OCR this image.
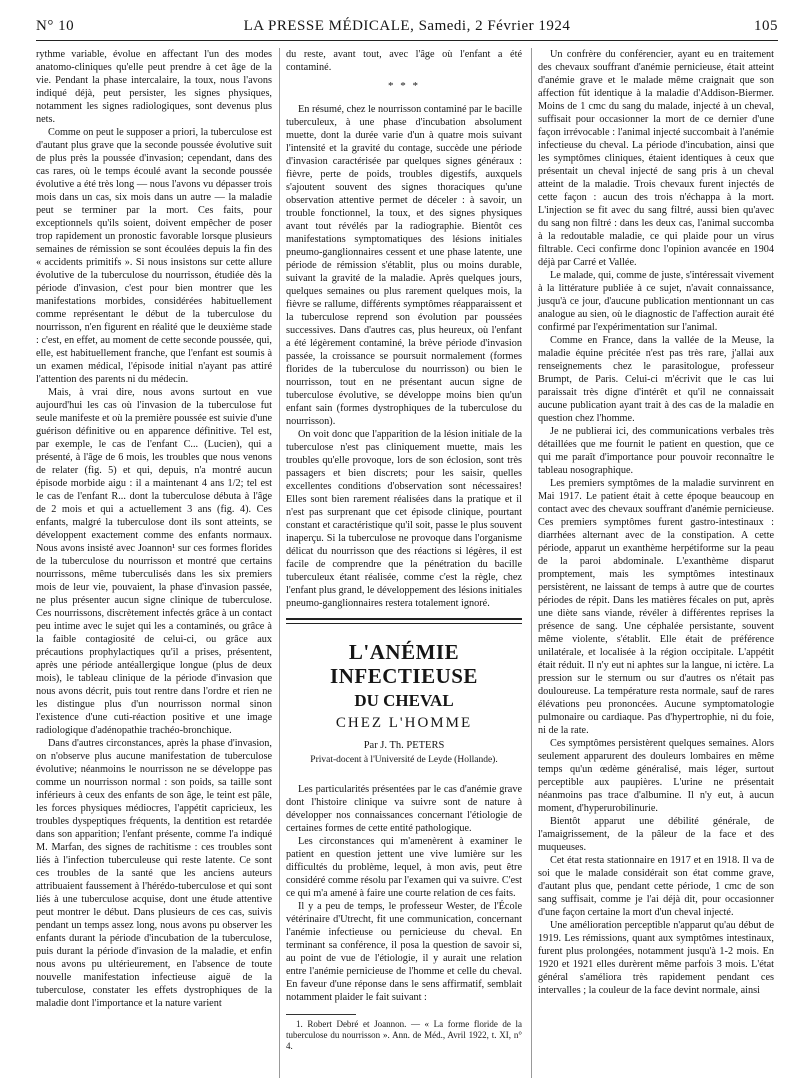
N° 10	LA PRESSE MÉDICALE, Samedi, 2 Février 1924	105

rythme variable, évolue en affectant l'un des modes anatomo-cliniques qu'elle peut prendre à cet âge de la vie. Pendant la phase intercalaire, la toux, nous l'avons indiqué déjà, peut persister, les signes physiques, notamment les signes radiologiques, sont devenus plus nets.

Comme on peut le supposer a priori, la tuberculose est d'autant plus grave que la seconde poussée évolutive suit de plus près la poussée d'invasion; cependant, dans des cas rares, où le temps écoulé avant la seconde poussée évolutive a été très long — nous l'avons vu dépasser trois mois dans un cas, six mois dans un autre — la maladie peut se terminer par la mort. Ces faits, pour exceptionnels qu'ils soient, doivent empêcher de poser trop rapidement un pronostic favorable lorsque plusieurs semaines de rémission se sont écoulées depuis la fin des « accidents primitifs ». Si nous insistons sur cette allure évolutive de la tuberculose du nourrisson, étudiée dès la période d'invasion, c'est pour bien montrer que les manifestations morbides, considérées habituellement comme représentant le début de la tuberculose du nourrisson, n'en figurent en réalité que le deuxième stade : c'est, en effet, au moment de cette seconde poussée, qui, elle, est habituellement franche, que l'enfant est soumis à un examen médical, l'épisode initial n'ayant pas attiré l'attention des parents ni du médecin.

Mais, à vrai dire, nous avons surtout en vue aujourd'hui les cas où l'invasion de la tuberculose fut seule manifeste et où la première poussée est suivie d'une guérison définitive ou en apparence définitive. Tel est, par exemple, le cas de l'enfant C... (Lucien), qui a présenté, à l'âge de 6 mois, les troubles que nous venons de relater (fig. 5) et qui, depuis, n'a montré aucun épisode morbide aigu : il a maintenant 4 ans 1/2; tel est le cas de l'enfant R... dont la tuberculose débuta à l'âge de 2 mois et qui a actuellement 3 ans (fig. 4). Ces enfants, malgré la tuberculose dont ils sont atteints, se développent exactement comme des enfants normaux. Nous avons insisté avec Joannon¹ sur ces formes florides de la tuberculose du nourrisson et montré que certains nourrissons, même tuberculisés dans les six premiers mois de leur vie, pouvaient, la phase d'invasion passée, ne plus présenter aucun signe clinique de tuberculose. Ces nourrissons, discrètement infectés grâce à un contact peu intime avec le sujet qui les a contaminés, ou grâce à la faible contagiosité de celui-ci, ou grâce aux précautions prophylactiques qu'il a prises, présentent, après une période antéallergique longue (plus de deux mois), le tableau clinique de la période d'invasion que nous avons décrit, puis tout rentre dans l'ordre et rien ne les distingue plus d'un nourrisson normal sinon l'existence d'une cuti-réaction positive et une image radiologique d'adénopathie trachéo-bronchique.

Dans d'autres circonstances, après la phase d'invasion, on n'observe plus aucune manifestation de tuberculose évolutive; néanmoins le nourrisson ne se développe pas comme un nourrisson normal : son poids, sa taille sont inférieurs à ceux des enfants de son âge, le teint est pâle, les forces physiques médiocres, l'appétit capricieux, les troubles dyspeptiques fréquents, la dentition est retardée dans son apparition; l'enfant présente, comme l'a indiqué M. Marfan, des signes de rachitisme : ces troubles sont liés à l'infection tuberculeuse qui reste latente. Ce sont ces troubles de la santé que les anciens auteurs attribuaient faussement à l'hérédo-tuberculose et qui sont liés à une tuberculose acquise, dont une étude attentive peut montrer le début. Dans plusieurs de ces cas, suivis pendant un temps assez long, nous avons pu observer les enfants durant la période d'incubation de la tuberculose, puis durant la période d'invasion de la maladie, et enfin nous avons pu ultérieurement, en l'absence de toute nouvelle manifestation infectieuse aiguë de la tuberculose, constater les effets dystrophiques de la maladie dont l'importance et la nature varient

du reste, avant tout, avec l'âge où l'enfant a été contaminé.

* * *

En résumé, chez le nourrisson contaminé par le bacille tuberculeux, à une phase d'incubation absolument muette, dont la durée varie d'un à quatre mois suivant l'intensité et la gravité du contage, succède une période d'invasion caractérisée par quelques signes généraux : fièvre, perte de poids, troubles digestifs, auxquels s'ajoutent souvent des signes thoraciques qu'une observation attentive permet de déceler : à savoir, un trouble fonctionnel, la toux, et des signes physiques avant tout révélés par la radiographie. Bientôt ces manifestations symptomatiques des lésions initiales pneumo-ganglionnaires cessent et une phase latente, une période de rémission s'établit, plus ou moins durable, suivant la gravité de la maladie. Après quelques jours, quelques semaines ou plus rarement quelques mois, la fièvre se rallume, différents symptômes réapparaissent et la tuberculose reprend son évolution par poussées successives. Dans d'autres cas, plus heureux, où l'enfant a été légèrement contaminé, la brève période d'invasion passée, la croissance se poursuit normalement (formes florides de la tuberculose du nourrisson) ou bien le nourrisson, tout en ne présentant aucun signe de tuberculose évolutive, se développe moins bien qu'un enfant sain (formes dystrophiques de la tuberculose du nourrisson).

On voit donc que l'apparition de la lésion initiale de la tuberculose n'est pas cliniquement muette, mais les troubles qu'elle provoque, lors de son éclosion, sont très passagers et bien discrets; pour les saisir, quelles excellentes conditions d'observation sont nécessaires! Elles sont bien rarement réalisées dans la pratique et il n'est pas surprenant que cet épisode clinique, pourtant constant et caractéristique qu'il soit, passe le plus souvent inaperçu. Si la tuberculose ne provoque dans l'organisme délicat du nourrisson que des réactions si légères, il est facile de comprendre que la pénétration du bacille tuberculeux étant réalisée, comme c'est la règle, chez l'enfant plus grand, le développement des lésions initiales pneumo-ganglionnaires restera totalement ignoré.

L'ANÉMIE INFECTIEUSE
DU CHEVAL
CHEZ L'HOMME
Par J. Th. PETERS
Privat-docent à l'Université de Leyde (Hollande).

Les particularités présentées par le cas d'anémie grave dont l'histoire clinique va suivre sont de nature à développer nos connaissances concernant l'étiologie de certaines formes de cette entité pathologique.

Les circonstances qui m'amenèrent à examiner le patient en question jettent une vive lumière sur les difficultés du problème, lequel, à mon avis, peut être considéré comme résolu par l'examen qui va suivre. C'est ce qui m'a amené à faire une courte relation de ces faits.

Il y a peu de temps, le professeur Wester, de l'École vétérinaire d'Utrecht, fit une communication, concernant l'anémie infectieuse ou pernicieuse du cheval. En terminant sa conférence, il posa la question de savoir si, au point de vue de l'étiologie, il y aurait une relation entre l'anémie pernicieuse de l'homme et celle du cheval. En faveur d'une réponse dans le sens affirmatif, semblait notamment plaider le fait suivant :

1. Robert Debré et Joannon. — « La forme floride de la tuberculose du nourrisson ». Ann. de Méd., Avril 1922, t. XI, n° 4.

Un confrère du conférencier, ayant eu en traitement des chevaux souffrant d'anémie pernicieuse, était atteint d'anémie grave et le malade même craignait que son affection fût identique à la maladie d'Addison-Biermer. Moins de 1 cmc du sang du malade, injecté à un cheval, suffisait pour occasionner la mort de ce dernier d'une façon irrévocable : l'animal injecté succombait à l'anémie infectieuse du cheval. La période d'incubation, ainsi que les symptômes cliniques, étaient identiques à ceux que présentait un cheval injecté de sang pris à un cheval atteint de la maladie. Trois chevaux furent injectés de cette façon : aucun des trois n'échappa à la mort. L'injection se fit avec du sang filtré, aussi bien qu'avec du sang non filtré : dans les deux cas, l'animal succomba à la redoutable maladie, ce qui plaide pour un virus filtrable. Ceci confirme donc l'opinion avancée en 1904 déjà par Carré et Vallée.

Le malade, qui, comme de juste, s'intéressait vivement à la littérature publiée à ce sujet, n'avait connaissance, jusqu'à ce jour, d'aucune publication mentionnant un cas analogue au sien, où le diagnostic de l'affection aurait été confirmé par l'expérimentation sur l'animal.

Comme en France, dans la vallée de la Meuse, la maladie équine précitée n'est pas très rare, j'allai aux renseignements chez le parasitologue, professeur Brumpt, de Paris. Celui-ci m'écrivit que le cas lui paraissait très digne d'intérêt et qu'il ne connaissait aucune publication ayant trait à des cas de la maladie en question chez l'homme.

Je ne publierai ici, des communications verbales très détaillées que me fournit le patient en question, que ce qui me paraît d'importance pour pouvoir reconnaître le tableau nosographique.

Les premiers symptômes de la maladie survinrent en Mai 1917. Le patient était à cette époque beaucoup en contact avec des chevaux souffrant d'anémie pernicieuse. Ces premiers symptômes furent gastro-intestinaux : diarrhées alternant avec de la constipation. A cette période, apparut un exanthème herpétiforme sur la peau de la paroi abdominale. L'exanthème disparut promptement, mais les symptômes intestinaux persistèrent, ne laissant de temps à autre que de courtes périodes de répit. Dans les matières fécales on put, après une diète sans viande, révéler à différentes reprises la présence de sang. Une céphalée persistante, souvent même violente, s'établit. Elle était de préférence unilatérale, et localisée à la région occipitale. L'appétit était réduit. Il n'y eut ni aphtes sur la langue, ni ictère. La pression sur le sternum ou sur d'autres os n'était pas douloureuse. La température resta normale, sauf de rares élévations peu prononcées. Aucune symptomatologie pulmonaire ou cardiaque. Pas d'hypertrophie, ni du foie, ni de la rate.

Ces symptômes persistèrent quelques semaines. Alors seulement apparurent des douleurs lombaires en même temps qu'un œdème généralisé, mais léger, surtout perceptible aux paupières. L'urine ne présentait néanmoins pas trace d'albumine. Il n'y eut, à aucun moment, d'hyperurobilinurie.

Bientôt apparut une débilité générale, de l'amaigrissement, de la pâleur de la face et des muqueuses.

Cet état resta stationnaire en 1917 et en 1918. Il va de soi que le malade considérait son état comme grave, d'autant plus que, pendant cette période, 1 cmc de son sang suffisait, comme je l'ai déjà dit, pour occasionner d'une façon certaine la mort d'un cheval injecté.

Une amélioration perceptible n'apparut qu'au début de 1919. Les rémissions, quant aux symptômes intestinaux, furent plus prolongées, notamment jusqu'à 1-2 mois. En 1920 et 1921 elles durèrent même parfois 3 mois. L'état général s'améliora très rapidement pendant ces intervalles ; la couleur de la face devint normale, ainsi
